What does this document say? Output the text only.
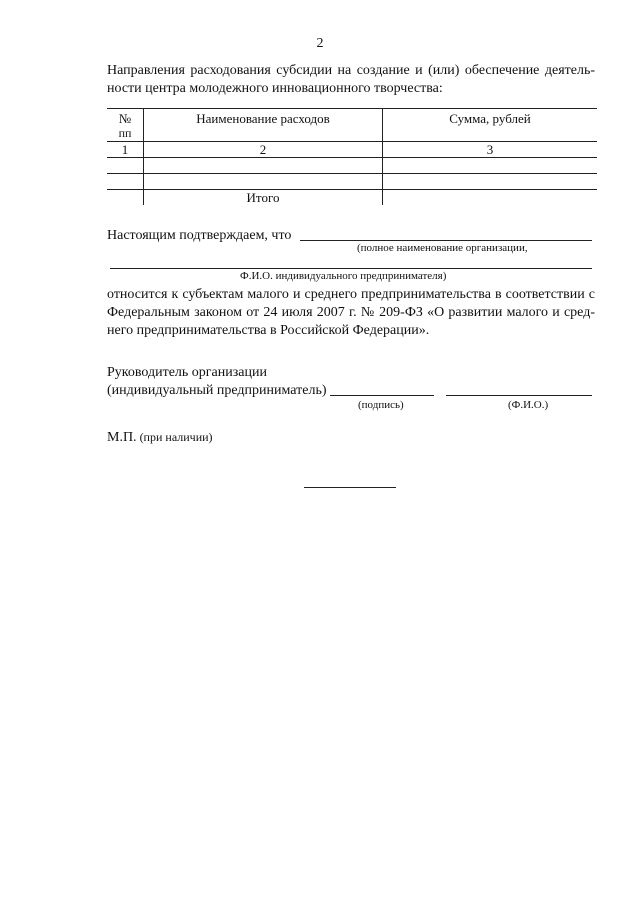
2
Направления расходования субсидии на создание и (или) обеспечение деятель-
ности центра молодежного инновационного творчества:
№
пп	Наименование расходов	Сумма, рублей
1	2	3

	Итого	
Настоящим подтверждаем, что
(полное наименование организации,
Ф.И.О. индивидуального предпринимателя)
относится к субъектам малого и среднего предпринимательства в соответствии с
Федеральным законом от 24 июля 2007 г. № 209-ФЗ «О развитии малого и сред-
него предпринимательства в Российской Федерации».
Руководитель организации
(индивидуальный предприниматель)
(подпись)	(Ф.И.О.)
М.П. (при наличии)
